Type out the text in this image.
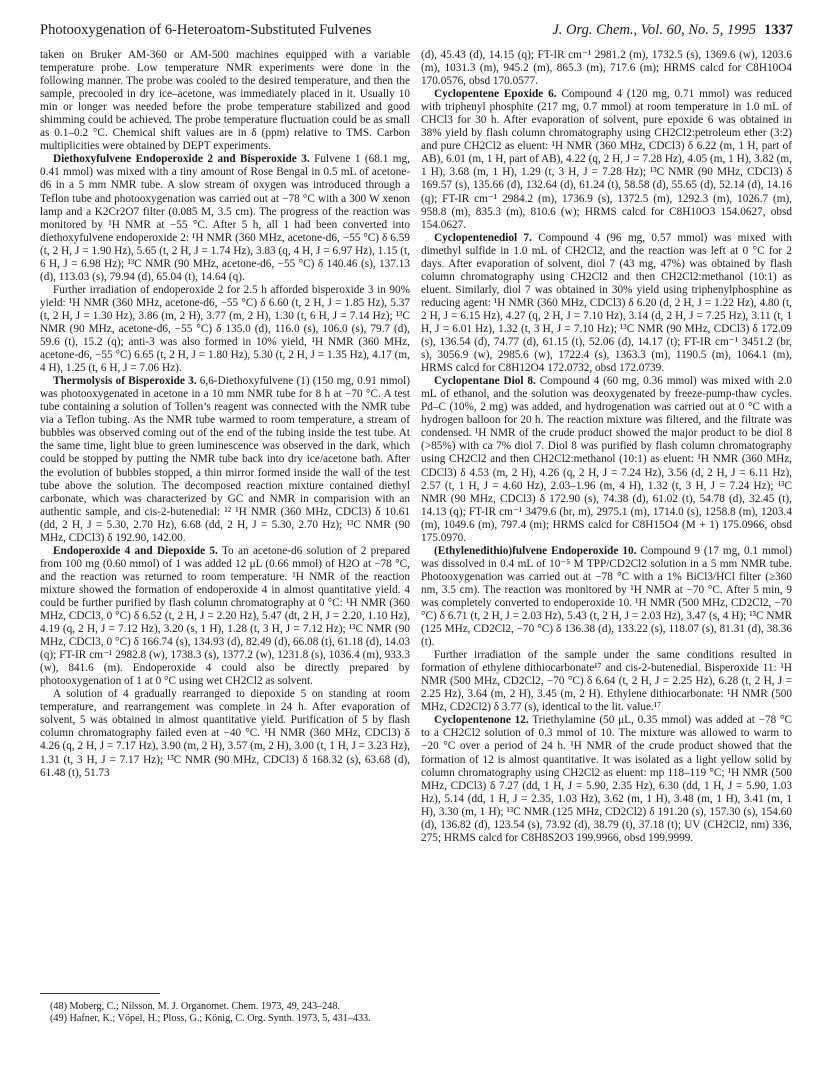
Photooxygenation of 6-Heteroatom-Substituted Fulvenes	J. Org. Chem., Vol. 60, No. 5, 1995 1337

taken on Bruker AM-360 or AM-500 machines equipped with a variable temperature probe. Low temperature NMR experiments were done in the following manner. The probe was cooled to the desired temperature, and then the sample, precooled in dry ice–acetone, was immediately placed in it. Usually 10 min or longer was needed before the probe temperature stabilized and good shimming could be achieved. The probe temperature fluctuation could be as small as 0.1–0.2 °C. Chemical shift values are in δ (ppm) relative to TMS. Carbon multiplicities were obtained by DEPT experiments.

Diethoxyfulvene Endoperoxide 2 and Bisperoxide 3. Fulvene 1 (68.1 mg, 0.41 mmol) was mixed with a tiny amount of Rose Bengal in 0.5 mL of acetone-d6 in a 5 mm NMR tube. A slow stream of oxygen was introduced through a Teflon tube and photooxygenation was carried out at −78 °C with a 300 W xenon lamp and a K2Cr2O7 filter (0.085 M, 3.5 cm). The progress of the reaction was monitored by ¹H NMR at −55 °C. After 5 h, all 1 had been converted into diethoxyfulvene endoperoxide 2: ¹H NMR (360 MHz, acetone-d6, −55 °C) δ 6.59 (t, 2 H, J = 1.90 Hz), 5.65 (t, 2 H, J = 1.74 Hz), 3.83 (q, 4 H, J = 6.97 Hz), 1.15 (t, 6 H, J = 6.98 Hz); ¹³C NMR (90 MHz, acetone-d6, −55 °C) δ 140.46 (s), 137.13 (d), 113.03 (s), 79.94 (d), 65.04 (t), 14.64 (q).

Further irradiation of endoperoxide 2 for 2.5 h afforded bisperoxide 3 in 90% yield: ¹H NMR (360 MHz, acetone-d6, −55 °C) δ 6.60 (t, 2 H, J = 1.85 Hz), 5.37 (t, 2 H, J = 1.30 Hz), 3.86 (m, 2 H), 3.77 (m, 2 H), 1.30 (t, 6 H, J = 7.14 Hz); ¹³C NMR (90 MHz, acetone-d6, −55 °C) δ 135.0 (d), 116.0 (s), 106.0 (s), 79.7 (d), 59.6 (t), 15.2 (q); anti-3 was also formed in 10% yield, ¹H NMR (360 MHz, acetone-d6, −55 °C) 6.65 (t, 2 H, J = 1.80 Hz), 5.30 (t, 2 H, J = 1.35 Hz), 4.17 (m, 4 H), 1.25 (t, 6 H, J = 7.06 Hz).

Thermolysis of Bisperoxide 3. 6,6-Diethoxyfulvene (1) (150 mg, 0.91 mmol) was photooxygenated in acetone in a 10 mm NMR tube for 8 h at −70 °C. A test tube containing a solution of Tollen’s reagent was connected with the NMR tube via a Teflon tubing. As the NMR tube warmed to room temperature, a stream of bubbles was observed coming out of the end of the tubing inside the test tube. At the same time, light blue to green luminescence was observed in the dark, which could be stopped by putting the NMR tube back into dry ice/acetone bath. After the evolution of bubbles stopped, a thin mirror formed inside the wall of the test tube above the solution. The decomposed reaction mixture contained diethyl carbonate, which was characterized by GC and NMR in comparision with an authentic sample, and cis-2-butenedial: ¹² ¹H NMR (360 MHz, CDCl3) δ 10.61 (dd, 2 H, J = 5.30, 2.70 Hz), 6.68 (dd, 2 H, J = 5.30, 2.70 Hz); ¹³C NMR (90 MHz, CDCl3) δ 192.90, 142.00.

Endoperoxide 4 and Diepoxide 5. To an acetone-d6 solution of 2 prepared from 100 mg (0.60 mmol) of 1 was added 12 μL (0.66 mmol) of H2O at −78 °C, and the reaction was returned to room temperature. ¹H NMR of the reaction mixture showed the formation of endoperoxide 4 in almost quantitative yield. 4 could be further purified by flash column chromatography at 0 °C: ¹H NMR (360 MHz, CDCl3, 0 °C) δ 6.52 (t, 2 H, J = 2.20 Hz), 5.47 (dt, 2 H, J = 2.20, 1.10 Hz), 4.19 (q, 2 H, J = 7.12 Hz), 3.20 (s, 1 H), 1.28 (t, 3 H, J = 7.12 Hz); ¹³C NMR (90 MHz, CDCl3, 0 °C) δ 166.74 (s), 134.93 (d), 82.49 (d), 66.08 (t), 61.18 (d), 14.03 (q); FT-IR cm⁻¹ 2982.8 (w), 1738.3 (s), 1377.2 (w), 1231.8 (s), 1036.4 (m), 933.3 (w), 841.6 (m). Endoperoxide 4 could also be directly prepared by photooxygenation of 1 at 0 °C using wet CH2Cl2 as solvent.

A solution of 4 gradually rearranged to diepoxide 5 on standing at room temperature, and rearrangement was complete in 24 h. After evaporation of solvent, 5 was obtained in almost quantitative yield. Purification of 5 by flash column chromatography failed even at −40 °C. ¹H NMR (360 MHz, CDCl3) δ 4.26 (q, 2 H, J = 7.17 Hz), 3.90 (m, 2 H), 3.57 (m, 2 H), 3.00 (t, 1 H, J = 3.23 Hz), 1.31 (t, 3 H, J = 7.17 Hz); ¹³C NMR (90 MHz, CDCl3) δ 168.32 (s), 63.68 (d), 61.48 (t), 51.73

(d), 45.43 (d), 14.15 (q); FT-IR cm⁻¹ 2981.2 (m), 1732.5 (s), 1369.6 (w), 1203.6 (m), 1031.3 (m), 945.2 (m), 865.3 (m), 717.6 (m); HRMS calcd for C8H10O4 170.0576, obsd 170.0577.

Cyclopentene Epoxide 6. Compound 4 (120 mg, 0.71 mmol) was reduced with triphenyl phosphite (217 mg, 0.7 mmol) at room temperature in 1.0 mL of CHCl3 for 30 h. After evaporation of solvent, pure epoxide 6 was obtained in 38% yield by flash column chromatography using CH2Cl2:petroleum ether (3:2) and pure CH2Cl2 as eluent: ¹H NMR (360 MHz, CDCl3) δ 6.22 (m, 1 H, part of AB), 6.01 (m, 1 H, part of AB), 4.22 (q, 2 H, J = 7.28 Hz), 4.05 (m, 1 H), 3.82 (m, 1 H), 3.68 (m, 1 H), 1.29 (t, 3 H, J = 7.28 Hz); ¹³C NMR (90 MHz, CDCl3) δ 169.57 (s), 135.66 (d), 132.64 (d), 61.24 (t), 58.58 (d), 55.65 (d), 52.14 (d), 14.16 (q); FT-IR cm⁻¹ 2984.2 (m), 1736.9 (s), 1372.5 (m), 1292.3 (m), 1026.7 (m), 958.8 (m), 835.3 (m), 810.6 (w); HRMS calcd for C8H10O3 154.0627, obsd 154.0627.

Cyclopentenediol 7. Compound 4 (96 mg, 0.57 mmol) was mixed with dimethyl sulfide in 1.0 mL of CH2Cl2, and the reaction was left at 0 °C for 2 days. After evaporation of solvent, diol 7 (43 mg, 47%) was obtained by flash column chromatography using CH2Cl2 and then CH2Cl2:methanol (10:1) as eluent. Similarly, diol 7 was obtained in 30% yield using triphenylphosphine as reducing agent: ¹H NMR (360 MHz, CDCl3) δ 6.20 (d, 2 H, J = 1.22 Hz), 4.80 (t, 2 H, J = 6.15 Hz), 4.27 (q, 2 H, J = 7.10 Hz), 3.14 (d, 2 H, J = 7.25 Hz), 3.11 (t, 1 H, J = 6.01 Hz), 1.32 (t, 3 H, J = 7.10 Hz); ¹³C NMR (90 MHz, CDCl3) δ 172.09 (s), 136.54 (d), 74.77 (d), 61.15 (t), 52.06 (d), 14.17 (t); FT-IR cm⁻¹ 3451.2 (br, s), 3056.9 (w), 2985.6 (w), 1722.4 (s), 1363.3 (m), 1190.5 (m), 1064.1 (m), HRMS calcd for C8H12O4 172.0732, obsd 172.0739.

Cyclopentane Diol 8. Compound 4 (60 mg, 0.36 mmol) was mixed with 2.0 mL of ethanol, and the solution was deoxygenated by freeze-pump-thaw cycles. Pd–C (10%, 2 mg) was added, and hydrogenation was carried out at 0 °C with a hydrogen balloon for 20 h. The reaction mixture was filtered, and the filtrate was condensed. ¹H NMR of the crude product showed the major product to be diol 8 (>85%) with ca 7% diol 7. Diol 8 was purified by flash column chromatography using CH2Cl2 and then CH2Cl2:methanol (10:1) as eluent: ¹H NMR (360 MHz, CDCl3) δ 4.53 (m, 2 H), 4.26 (q, 2 H, J = 7.24 Hz), 3.56 (d, 2 H, J = 6.11 Hz), 2.57 (t, 1 H, J = 4.60 Hz), 2.03–1.96 (m, 4 H), 1.32 (t, 3 H, J = 7.24 Hz); ¹³C NMR (90 MHz, CDCl3) δ 172.90 (s), 74.38 (d), 61.02 (t), 54.78 (d), 32.45 (t), 14.13 (q); FT-IR cm⁻¹ 3479.6 (br, m), 2975.1 (m), 1714.0 (s), 1258.8 (m), 1203.4 (m), 1049.6 (m), 797.4 (m); HRMS calcd for C8H15O4 (M + 1) 175.0966, obsd 175.0970.

(Ethylenedithio)fulvene Endoperoxide 10. Compound 9 (17 mg, 0.1 mmol) was dissolved in 0.4 mL of 10⁻⁵ M TPP/CD2Cl2 solution in a 5 mm NMR tube. Photooxygenation was carried out at −78 °C with a 1% BiCl3/HCl filter (≥360 nm, 3.5 cm). The reaction was monitored by ¹H NMR at −70 °C. After 5 min, 9 was completely converted to endoperoxide 10. ¹H NMR (500 MHz, CD2Cl2, −70 °C) δ 6.71 (t, 2 H, J = 2.03 Hz), 5.43 (t, 2 H, J = 2.03 Hz), 3.47 (s, 4 H); ¹³C NMR (125 MHz, CD2Cl2, −70 °C) δ 136.38 (d), 133.22 (s), 118.07 (s), 81.31 (d), 38.36 (t).

Further irradiation of the sample under the same conditions resulted in formation of ethylene dithiocarbonate¹⁷ and cis-2-butenedial. Bisperoxide 11: ¹H NMR (500 MHz, CD2Cl2, −70 °C) δ 6.64 (t, 2 H, J = 2.25 Hz), 6.28 (t, 2 H, J = 2.25 Hz), 3.64 (m, 2 H), 3.45 (m, 2 H). Ethylene dithiocarbonate: ¹H NMR (500 MHz, CD2Cl2) δ 3.77 (s), identical to the lit. value.¹⁷

Cyclopentenone 12. Triethylamine (50 μL, 0.35 mmol) was added at −78 °C to a CH2Cl2 solution of 0.3 mmol of 10. The mixture was allowed to warm to −20 °C over a period of 24 h. ¹H NMR of the crude product showed that the formation of 12 is almost quantitative. It was isolated as a light yellow solid by column chromatography using CH2Cl2 as eluent: mp 118–119 °C; ¹H NMR (500 MHz, CDCl3) δ 7.27 (dd, 1 H, J = 5.90, 2.35 Hz), 6.30 (dd, 1 H, J = 5.90, 1.03 Hz), 5.14 (dd, 1 H, J = 2.35, 1.03 Hz), 3.62 (m, 1 H), 3.48 (m, 1 H), 3.41 (m, 1 H), 3.30 (m, 1 H); ¹³C NMR (125 MHz, CD2Cl2) δ 191.20 (s), 157.30 (s), 154.60 (d), 136.82 (d), 123.54 (s), 73.92 (d), 38.79 (t), 37.18 (t); UV (CH2Cl2, nm) 336, 275; HRMS calcd for C8H8S2O3 199.9966, obsd 199.9999.

(48) Moberg, C.; Nilsson, M. J. Organomet. Chem. 1973, 49, 243–248.

(49) Hafner, K.; Vöpel, H.; Ploss, G.; König, C. Org. Synth. 1973, 5, 431–433.
